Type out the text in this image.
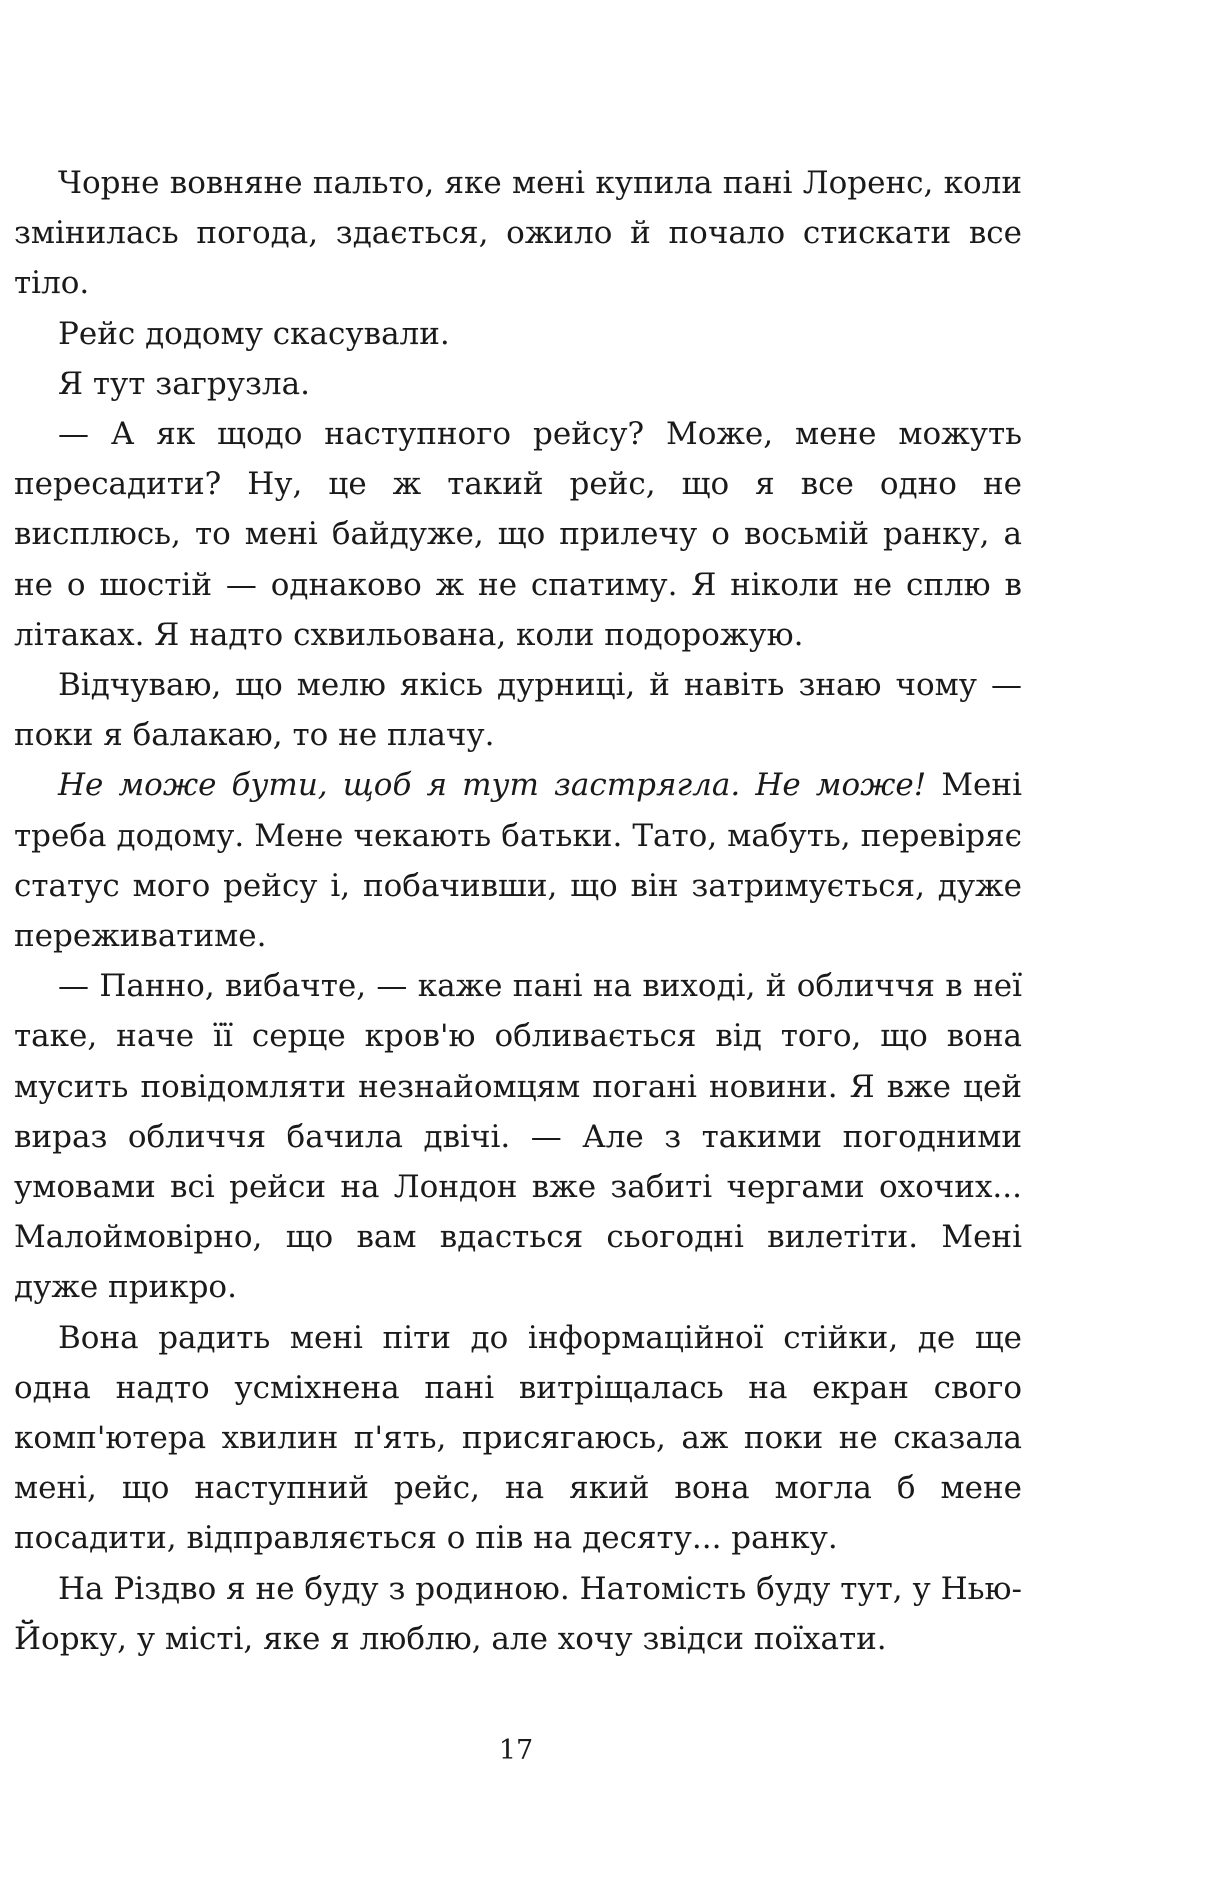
Чорне вовняне пальто, яке мені купила пані Лоренс, коли змінилась погода, здається, ожило й почало стискати все тіло.

Рейс додому скасували.

Я тут загрузла.

— А як щодо наступного рейсу? Може, мене можуть пересадити? Ну, це ж такий рейс, що я все одно не висплюсь, то мені байдуже, що прилечу о восьмій ранку, а не о шостій — однаково ж не спатиму. Я ніколи не сплю в літаках. Я надто схвильована, коли подорожую.

Відчуваю, що мелю якісь дурниці, й навіть знаю чому — поки я балакаю, то не плачу.

Не може бути, щоб я тут застрягла. Не може! Мені треба додому. Мене чекають батьки. Тато, мабуть, перевіряє статус мого рейсу і, побачивши, що він затримується, дуже переживатиме.

— Панно, вибачте, — каже пані на виході, й обличчя в неї таке, наче її серце кров'ю обливається від того, що вона мусить повідомляти незнайомцям погані новини. Я вже цей вираз обличчя бачила двічі. — Але з такими погодними умовами всі рейси на Лондон вже забиті чергами охочих... Малоймовірно, що вам вдасться сьогодні вилетіти. Мені дуже прикро.

Вона радить мені піти до інформаційної стійки, де ще одна надто усміхнена пані витріщалась на екран свого комп'ютера хвилин п'ять, присягаюсь, аж поки не сказала мені, що наступний рейс, на який вона могла б мене посадити, відправляється о пів на десяту... ранку.

На Різдво я не буду з родиною. Натомість буду тут, у Нью-Йорку, у місті, яке я люблю, але хочу звідси поїхати.

17
